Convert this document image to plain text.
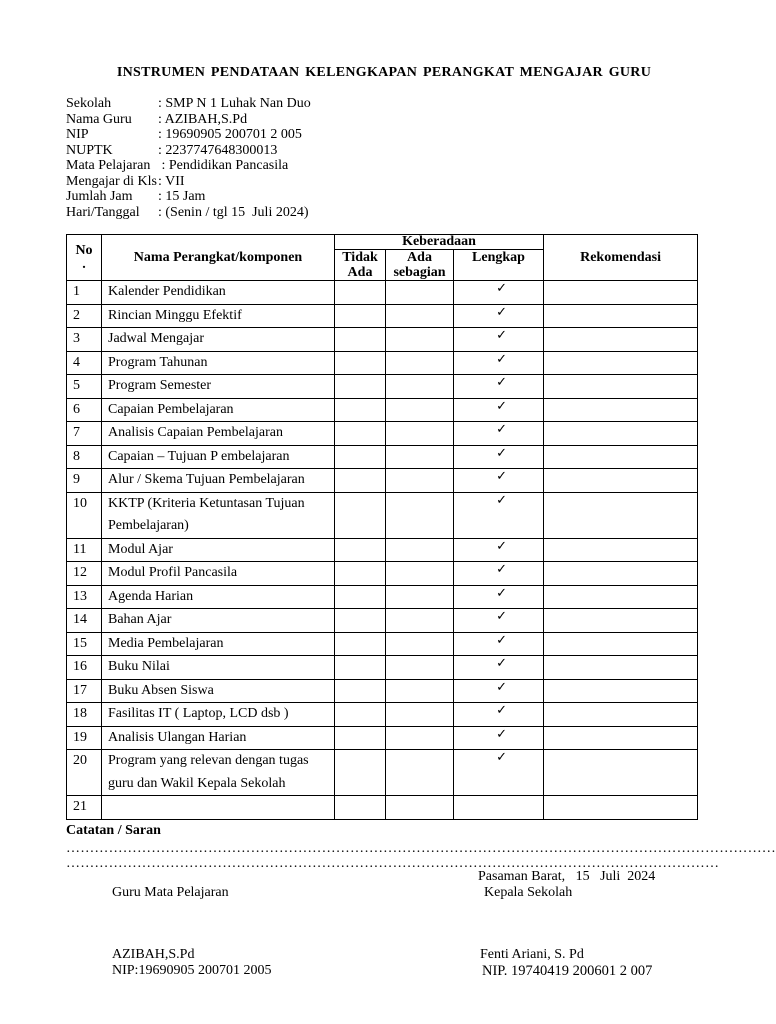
INSTRUMEN PENDATAAN KELENGKAPAN PERANGKAT MENGAJAR GURU
Sekolah	: SMP N 1 Luhak Nan Duo
Nama Guru	: AZIBAH,S.Pd
NIP	: 19690905 200701 2 005
NUPTK	: 2237747648300013
Mata Pelajaran : Pendidikan Pancasila
Mengajar di Kls : VII
Jumlah Jam	: 15 Jam
Hari/Tanggal	: (Senin / tgl 15  Juli 2024)
No
.	Nama Perangkat/komponen	Keberadaan			Rekomendasi
		Tidak Ada	Ada sebagian	Lengkap	
1	Kalender Pendidikan			✓	
2	Rincian Minggu Efektif			✓	
3	Jadwal Mengajar			✓	
4	Program Tahunan			✓	
5	Program Semester			✓	
6	Capaian Pembelajaran			✓	
7	Analisis Capaian Pembelajaran			✓	
8	Capaian – Tujuan P embelajaran			✓	
9	Alur / Skema Tujuan Pembelajaran			✓	
10	KKTP (Kriteria Ketuntasan Tujuan Pembelajaran)			✓	
11	Modul Ajar			✓	
12	Modul Profil Pancasila			✓	
13	Agenda Harian			✓	
14	Bahan Ajar			✓	
15	Media Pembelajaran			✓	
16	Buku Nilai			✓	
17	Buku Absen Siswa			✓	
18	Fasilitas IT ( Laptop, LCD dsb )			✓	
19	Analisis Ulangan Harian			✓	
20	Program yang relevan dengan tugas guru dan Wakil Kepala Sekolah			✓	
21					
Catatan / Saran
……………………………………………………………………………………………………………………………………
…………………………………………………………………………………………………………………………
Pasaman Barat,   15   Juli  2024
Guru Mata Pelajaran	Kepala Sekolah
AZIBAH,S.Pd
NIP:19690905 200701 2005
Fenti Ariani, S. Pd
NIP. 19740419 200601 2 007
